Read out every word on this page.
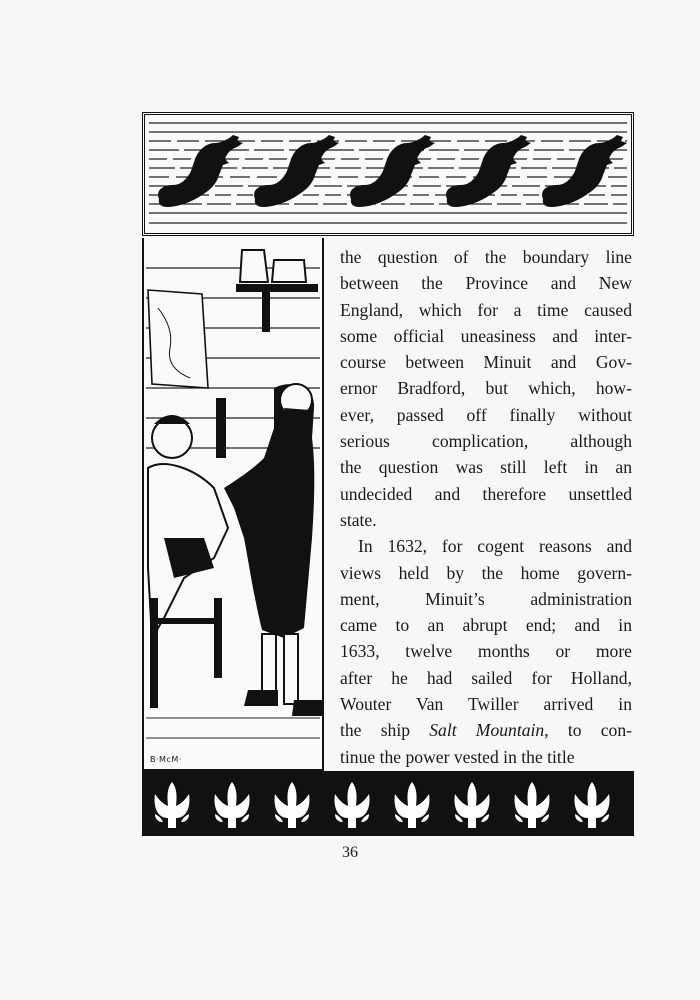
B·McM·
the question of the boundary line
between the Province and New
England, which for a time caused
some official uneasiness and inter-
course between Minuit and Gov-
ernor Bradford, but which, how-
ever, passed off finally without
serious complication, although
the question was still left in an
undecided and therefore unsettled
state.
In 1632, for cogent reasons and
views held by the home govern-
ment, Minuit’s administration
came to an abrupt end; and in
1633, twelve months or more
after he had sailed for Holland,
Wouter Van Twiller arrived in
the ship Salt Mountain, to con-
tinue the power vested in the title
36
